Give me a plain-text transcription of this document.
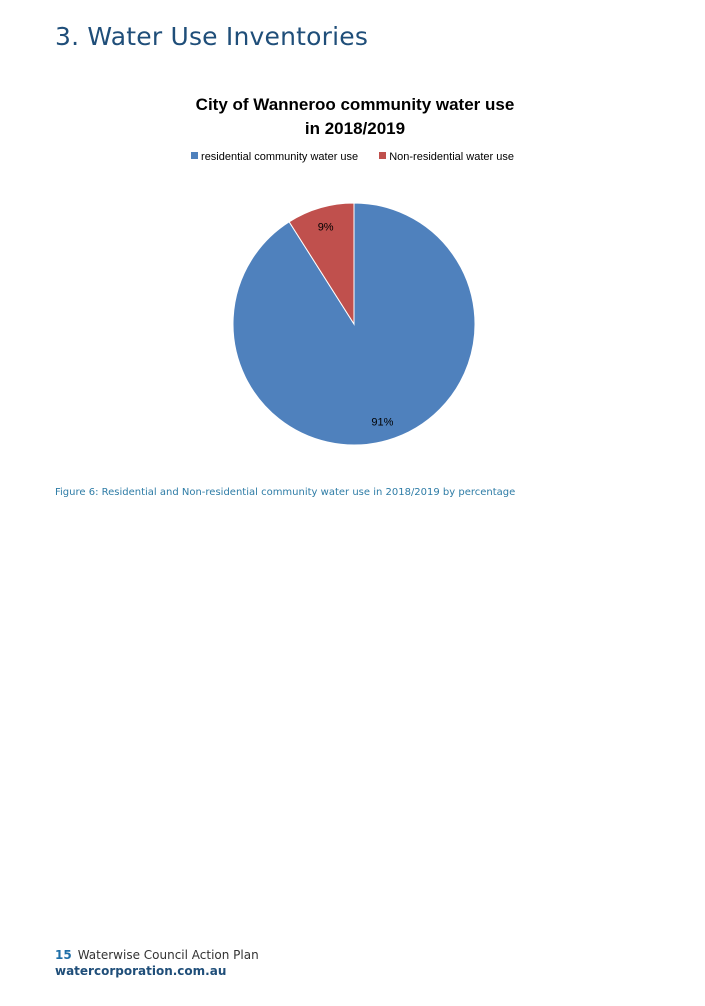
3. Water Use Inventories
City of Wanneroo community water use
in 2018/2019
residential community water use	Non-residential water use
91%
9%
Figure 6: Residential and Non-residential community water use in 2018/2019 by percentage
15 Waterwise Council Action Plan
watercorporation.com.au
